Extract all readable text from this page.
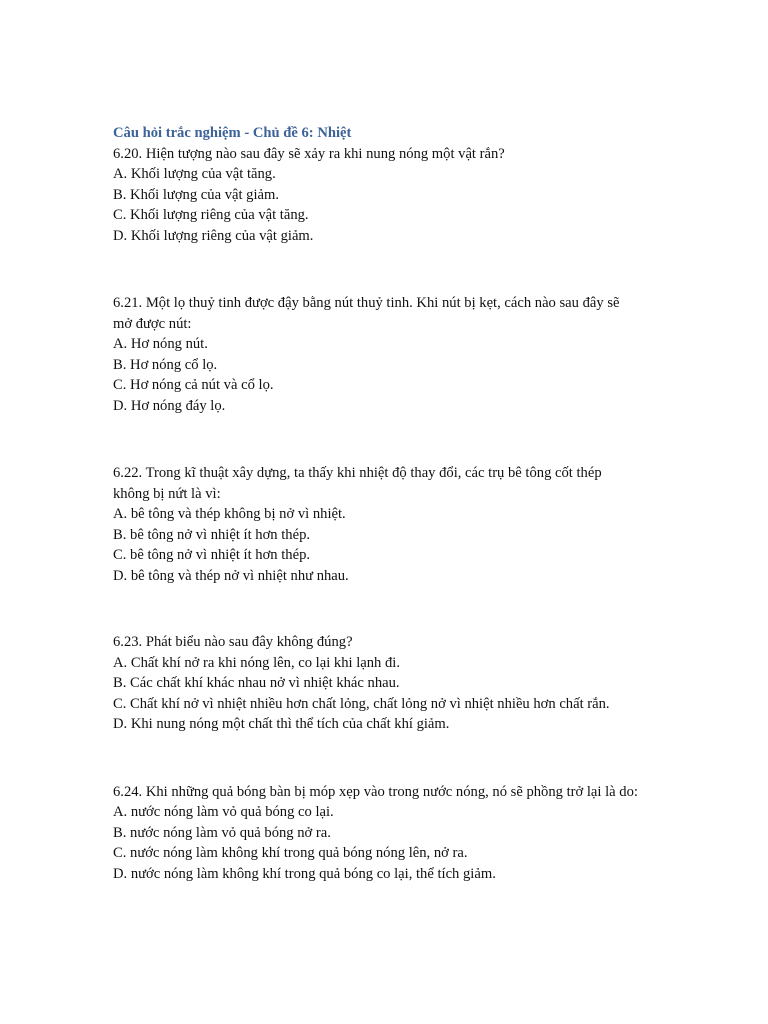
Câu hỏi trắc nghiệm - Chủ đề 6: Nhiệt
6.20. Hiện tượng nào sau đây sẽ xảy ra khi nung nóng một vật rắn?
A. Khối lượng của vật tăng.
B. Khối lượng của vật giảm.
C. Khối lượng riêng của vật tăng.
D. Khối lượng riêng của vật giảm.
6.21. Một lọ thuỷ tinh được đậy bằng nút thuỷ tinh. Khi nút bị kẹt, cách nào sau đây sẽ
mở được nút:
A. Hơ nóng nút.
B. Hơ nóng cổ lọ.
C. Hơ nóng cả nút và cổ lọ.
D. Hơ nóng đáy lọ.
6.22. Trong kĩ thuật xây dựng, ta thấy khi nhiệt độ thay đổi, các trụ bê tông cốt thép
không bị nứt là vì:
A. bê tông và thép không bị nở vì nhiệt.
B. bê tông nở vì nhiệt ít hơn thép.
C. bê tông nở vì nhiệt ít hơn thép.
D. bê tông và thép nở vì nhiệt như nhau.
6.23. Phát biểu nào sau đây không đúng?
A. Chất khí nở ra khi nóng lên, co lại khi lạnh đi.
B. Các chất khí khác nhau nở vì nhiệt khác nhau.
C. Chất khí nở vì nhiệt nhiều hơn chất lỏng, chất lỏng nở vì nhiệt nhiều hơn chất rắn.
D. Khi nung nóng một chất thì thể tích của chất khí giảm.
6.24. Khi những quả bóng bàn bị móp xẹp vào trong nước nóng, nó sẽ phồng trở lại là do:
A. nước nóng làm vỏ quả bóng co lại.
B. nước nóng làm vỏ quả bóng nở ra.
C. nước nóng làm không khí trong quả bóng nóng lên, nở ra.
D. nước nóng làm không khí trong quả bóng co lại, thể tích giảm.
